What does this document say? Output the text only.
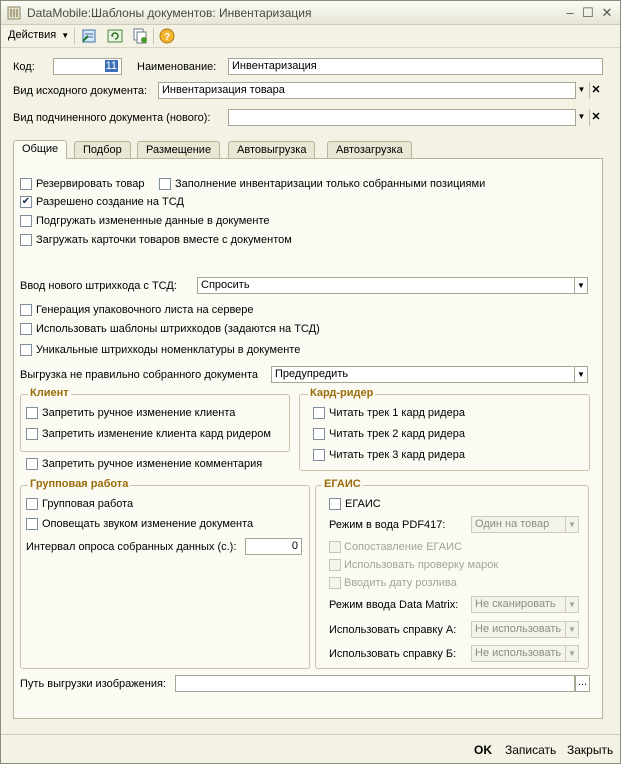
DataMobile:Шаблоны документов: Инвентаризация	– ☐ ✕
Действия ▼	?
Код:	11	Наименование:	Инвентаризация
Вид исходного документа:	Инвентаризация товара	▼ ✕
Вид подчиненного документа (нового):	▼ ✕
Общие	Подбор	Размещение	Автовыгрузка	Автозагрузка
Резервировать товар	Заполнение инвентаризации только собранными позициями
✔ Разрешено создание на ТСД
Подгружать измененные данные в документе
Загружать карточки товаров вместе с документом
Ввод нового штрихкода с ТСД:	Спросить	▼
Генерация упаковочного листа на сервере
Использовать шаблоны штрихкодов (задаются на ТСД)
Уникальные штрихкоды номенклатуры в документе
Выгрузка не правильно собранного документа	Предупредить	▼
Клиент
Запретить ручное изменение клиента
Запретить изменение клиента кард ридером
Кард-ридер
Читать трек 1 кард ридера
Читать трек 2 кард ридера
Читать трек 3 кард ридера
Запретить ручное изменение комментария
Групповая работа
Групповая работа
Оповещать звуком изменение документа
Интервал опроса собранных данных (с.):	0
ЕГАИС
ЕГАИС
Режим в вода PDF417:	Один на товар	▼
Сопоставление ЕГАИС
Использовать проверку марок
Вводить дату розлива
Режим ввода Data Matrix:	Не сканировать	▼
Использовать справку А:	Не использовать ▼
Использовать справку Б:	Не использовать ▼
Путь выгрузки изображения:	...
OK Записать Закрыть
